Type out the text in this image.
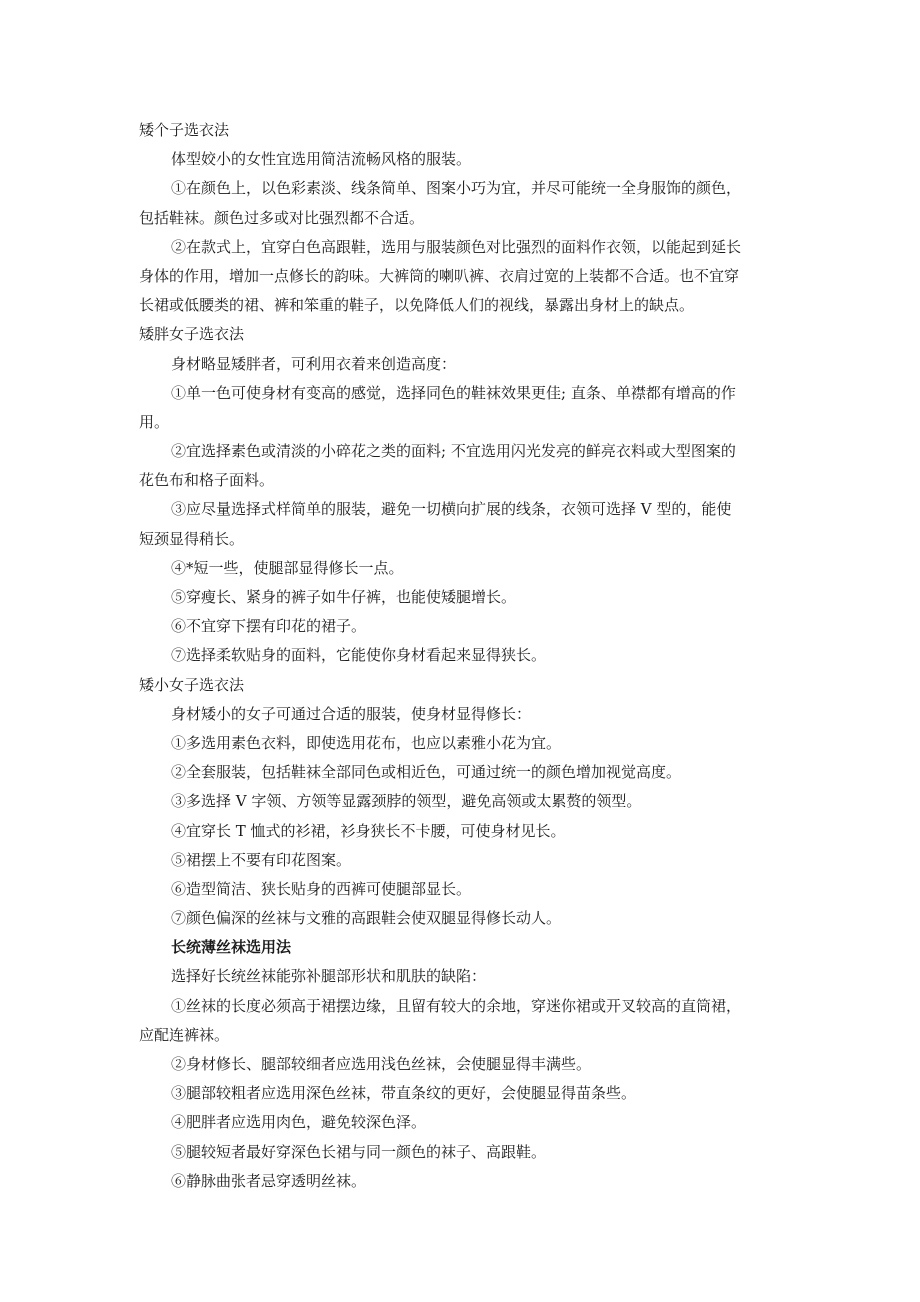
矮个子选衣法
体型姣小的女性宜选用简洁流畅风格的服装。
①在颜色上，以色彩素淡、线条简单、图案小巧为宜，并尽可能统一全身服饰的颜色，
包括鞋袜。颜色过多或对比强烈都不合适。
②在款式上，宜穿白色高跟鞋，选用与服装颜色对比强烈的面料作衣领，以能起到延长
身体的作用，增加一点修长的韵味。大裤筒的喇叭裤、衣肩过宽的上装都不合适。也不宜穿
长裙或低腰类的裙、裤和笨重的鞋子，以免降低人们的视线，暴露出身材上的缺点。
矮胖女子选衣法
身材略显矮胖者，可利用衣着来创造高度：
①单一色可使身材有变高的感觉，选择同色的鞋袜效果更佳; 直条、单襟都有增高的作
用。
②宜选择素色或清淡的小碎花之类的面料; 不宜选用闪光发亮的鲜亮衣料或大型图案的
花色布和格子面料。
③应尽量选择式样简单的服装，避免一切横向扩展的线条，衣领可选择 V 型的，能使
短颈显得稍长。
④*短一些，使腿部显得修长一点。
⑤穿瘦长、紧身的裤子如牛仔裤，也能使矮腿增长。
⑥不宜穿下摆有印花的裙子。
⑦选择柔软贴身的面料，它能使你身材看起来显得狭长。
矮小女子选衣法
身材矮小的女子可通过合适的服装，使身材显得修长：
①多选用素色衣料，即使选用花布，也应以素雅小花为宜。
②全套服装，包括鞋袜全部同色或相近色，可通过统一的颜色增加视觉高度。
③多选择 V 字领、方领等显露颈脖的领型，避免高领或太累赘的领型。
④宜穿长 T 恤式的衫裙，衫身狭长不卡腰，可使身材见长。
⑤裙摆上不要有印花图案。
⑥造型简洁、狭长贴身的西裤可使腿部显长。
⑦颜色偏深的丝袜与文雅的高跟鞋会使双腿显得修长动人。
长统薄丝袜选用法
选择好长统丝袜能弥补腿部形状和肌肤的缺陷：
①丝袜的长度必须高于裙摆边缘，且留有较大的余地，穿迷你裙或开叉较高的直筒裙，
应配连裤袜。
②身材修长、腿部较细者应选用浅色丝袜，会使腿显得丰满些。
③腿部较粗者应选用深色丝袜，带直条纹的更好，会使腿显得苗条些。
④肥胖者应选用肉色，避免较深色泽。
⑤腿较短者最好穿深色长裙与同一颜色的袜子、高跟鞋。
⑥静脉曲张者忌穿透明丝袜。
